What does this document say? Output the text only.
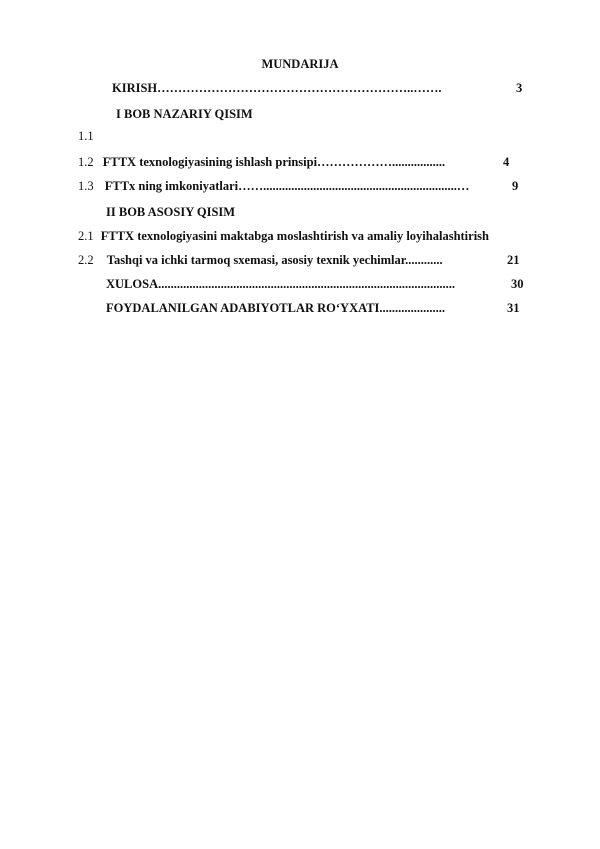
MUNDARIJA
KIRISH……………………………………………………..…….	3
I BOB NAZARIY QISIM
1.1
1.2 FTTX texnologiyasining ishlash prinsipi……………….................	4
1.3 FTTx ning imkoniyatlari……..............................................................…	9
II BOB ASOSIY QISIM
2.1 FTTX texnologiyasini maktabga moslashtirish va amaliy loyihalashtirish
2.2 Tashqi va ichki tarmoq sxemasi, asosiy texnik yechimlar............	21
XULOSA...............................................................................................	30
FOYDALANILGAN ADABIYOTLAR RO‘YXATI.....................	31
